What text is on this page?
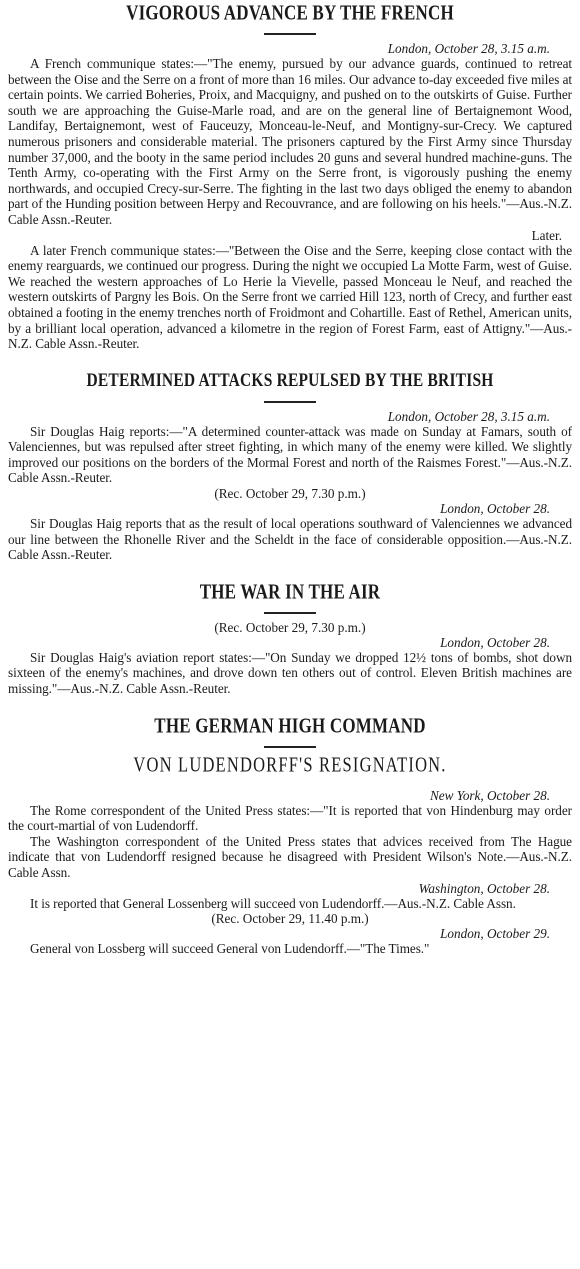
VIGOROUS ADVANCE BY THE FRENCH
London, October 28, 3.15 a.m.

A French communique states:—"The enemy, pursued by our advance guards, continued to retreat between the Oise and the Serre on a front of more than 16 miles. Our advance to-day exceeded five miles at certain points. We carried Boheries, Proix, and Macquigny, and pushed on to the outskirts of Guise. Further south we are approaching the Guise-Marle road, and are on the general line of Bertaignemont Wood, Landifay, Bertaignemont, west of Fauceuzy, Monceau-le-Neuf, and Montigny-sur-Crecy. We captured numerous prisoners and considerable material. The prisoners captured by the First Army since Thursday number 37,000, and the booty in the same period includes 20 guns and several hundred machine-guns. The Tenth Army, co-operating with the First Army on the Serre front, is vigorously pushing the enemy northwards, and occupied Crecy-sur-Serre. The fighting in the last two days obliged the enemy to abandon part of the Hunding position between Herpy and Recouvrance, and are following on his heels."—Aus.-N.Z. Cable Assn.-Reuter.

Later.

A later French communique states:—"Between the Oise and the Serre, keeping close contact with the enemy rearguards, we continued our progress. During the night we occupied La Motte Farm, west of Guise. We reached the western approaches of Lo Herie la Vievelle, passed Monceau le Neuf, and reached the western outskirts of Pargny les Bois. On the Serre front we carried Hill 123, north of Crecy, and further east obtained a footing in the enemy trenches north of Froidmont and Cohartille. East of Rethel, American units, by a brilliant local operation, advanced a kilometre in the region of Forest Farm, east of Attigny."—Aus.-N.Z. Cable Assn.-Reuter.

DETERMINED ATTACKS REPULSED BY THE BRITISH
London, October 28, 3.15 a.m.

Sir Douglas Haig reports:—"A determined counter-attack was made on Sunday at Famars, south of Valenciennes, but was repulsed after street fighting, in which many of the enemy were killed. We slightly improved our positions on the borders of the Mormal Forest and north of the Raismes Forest."—Aus.-N.Z. Cable Assn.-Reuter.

(Rec. October 29, 7.30 p.m.)
London, October 28.

Sir Douglas Haig reports that as the result of local operations southward of Valenciennes we advanced our line between the Rhonelle River and the Scheldt in the face of considerable opposition.—Aus.-N.Z. Cable Assn.-Reuter.

THE WAR IN THE AIR
(Rec. October 29, 7.30 p.m.)
London, October 28.

Sir Douglas Haig's aviation report states:—"On Sunday we dropped 12½ tons of bombs, shot down sixteen of the enemy's machines, and drove down ten others out of control. Eleven British machines are missing."—Aus.-N.Z. Cable Assn.-Reuter.

THE GERMAN HIGH COMMAND
VON LUDENDORFF'S RESIGNATION.
New York, October 28.

The Rome correspondent of the United Press states:—"It is reported that von Hindenburg may order the court-martial of von Ludendorff.

The Washington correspondent of the United Press states that advices received from The Hague indicate that von Ludendorff resigned because he disagreed with President Wilson's Note.—Aus.-N.Z. Cable Assn.

Washington, October 28.

It is reported that General Lossenberg will succeed von Ludendorff.—Aus.-N.Z. Cable Assn.

(Rec. October 29, 11.40 p.m.)
London, October 29.

General von Lossberg will succeed General von Ludendorff.—"The Times."
